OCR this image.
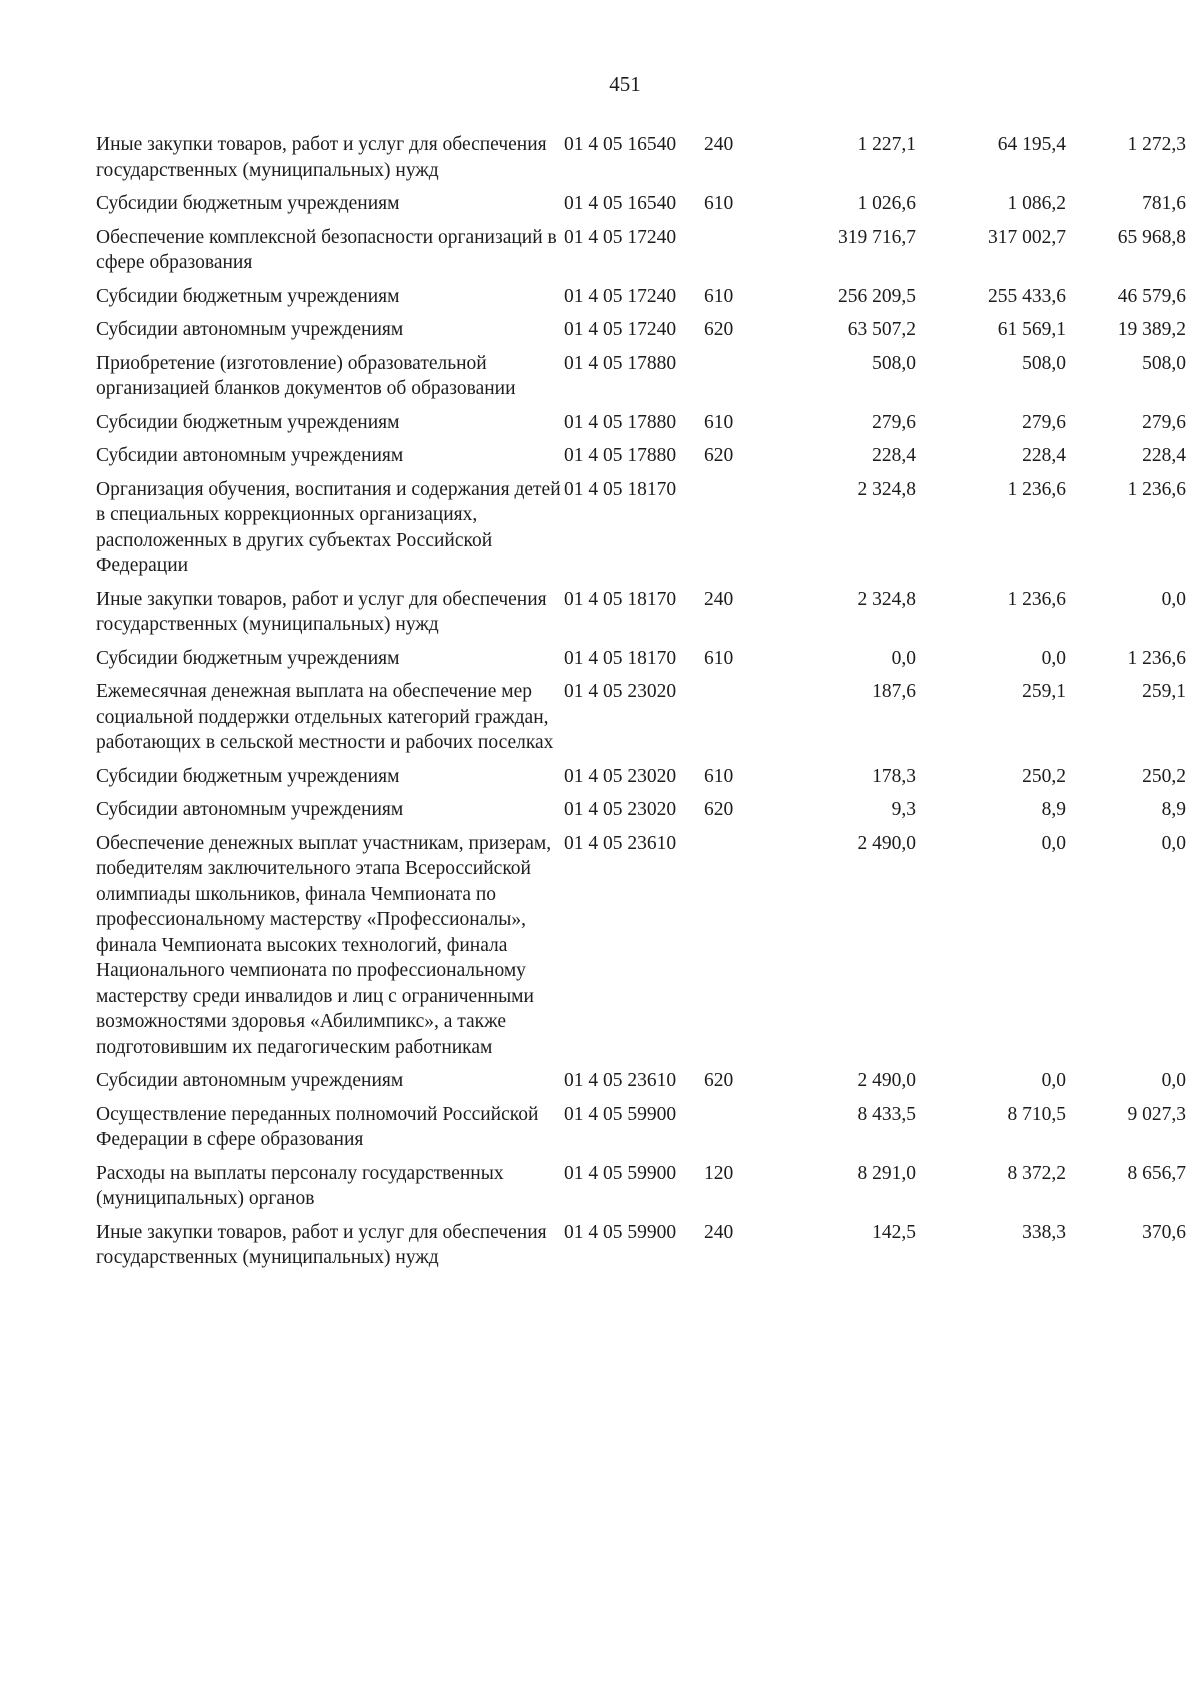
451
Иные закупки товаров, работ и услуг для обеспечения государственных (муниципальных) нужд	01 4 05 16540	240	1 227,1	64 195,4	1 272,3
Субсидии бюджетным учреждениям	01 4 05 16540	610	1 026,6	1 086,2	781,6
Обеспечение комплексной безопасности организаций в сфере образования	01 4 05 17240		319 716,7	317 002,7	65 968,8
Субсидии бюджетным учреждениям	01 4 05 17240	610	256 209,5	255 433,6	46 579,6
Субсидии автономным учреждениям	01 4 05 17240	620	63 507,2	61 569,1	19 389,2
Приобретение (изготовление) образовательной организацией бланков документов об образовании	01 4 05 17880		508,0	508,0	508,0
Субсидии бюджетным учреждениям	01 4 05 17880	610	279,6	279,6	279,6
Субсидии автономным учреждениям	01 4 05 17880	620	228,4	228,4	228,4
Организация обучения, воспитания и содержания детей в специальных коррекционных организациях, расположенных в других субъектах Российской Федерации	01 4 05 18170		2 324,8	1 236,6	1 236,6
Иные закупки товаров, работ и услуг для обеспечения государственных (муниципальных) нужд	01 4 05 18170	240	2 324,8	1 236,6	0,0
Субсидии бюджетным учреждениям	01 4 05 18170	610	0,0	0,0	1 236,6
Ежемесячная денежная выплата на обеспечение мер социальной поддержки отдельных категорий граждан, работающих в сельской местности и рабочих поселках	01 4 05 23020		187,6	259,1	259,1
Субсидии бюджетным учреждениям	01 4 05 23020	610	178,3	250,2	250,2
Субсидии автономным учреждениям	01 4 05 23020	620	9,3	8,9	8,9
Обеспечение денежных выплат участникам, призерам, победителям заключительного этапа Всероссийской олимпиады школьников, финала Чемпионата по профессиональному мастерству «Профессионалы», финала Чемпионата высоких технологий, финала Национального чемпионата по профессиональному мастерству среди инвалидов и лиц с ограниченными возможностями здоровья «Абилимпикс», а также подготовившим их педагогическим работникам	01 4 05 23610		2 490,0	0,0	0,0
Субсидии автономным учреждениям	01 4 05 23610	620	2 490,0	0,0	0,0
Осуществление переданных полномочий Российской Федерации в сфере образования	01 4 05 59900		8 433,5	8 710,5	9 027,3
Расходы на выплаты персоналу государственных (муниципальных) органов	01 4 05 59900	120	8 291,0	8 372,2	8 656,7
Иные закупки товаров, работ и услуг для обеспечения государственных (муниципальных) нужд	01 4 05 59900	240	142,5	338,3	370,6
